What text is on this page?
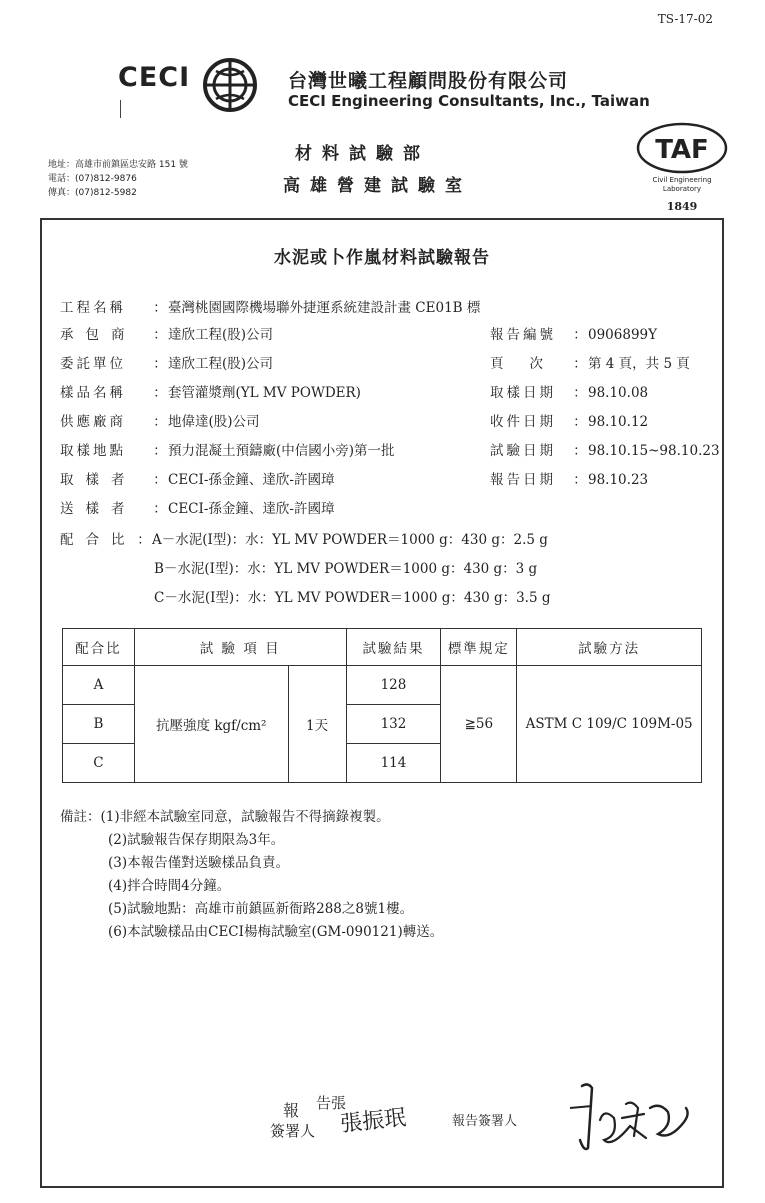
TS-17-02
CECI	台灣世曦工程顧問股份有限公司
CECI Engineering Consultants, Inc., Taiwan
地址：高雄市前鎮區忠安路 151 號
電話：(07)812-9876
傳真：(07)812-5982
材料試驗部
高雄營建試驗室
TAF
Civil Engineering
Laboratory
1849
水泥或卜作嵐材料試驗報告
工程名稱 ：臺灣桃園國際機場聯外捷運系統建設計畫 CE01B 標
承包商 ：達欣工程(股)公司
委託單位 ：達欣工程(股)公司
樣品名稱 ：套管灌漿劑(YL MV POWDER)
供應廠商 ：地偉達(股)公司
取樣地點 ：預力混凝土預鑄廠(中信國小旁)第一批
取樣者 ：CECI-孫金鐘、達欣-許國璋
送樣者 ：CECI-孫金鐘、達欣-許國璋
報告編號 ：0906899Y
頁次 ：第 4 頁，共 5 頁
取樣日期 ：98.10.08
收件日期 ：98.10.12
試驗日期 ：98.10.15~98.10.23
報告日期 ：98.10.23
配合比：A－水泥(Ⅰ型)：水：YL MV POWDER＝1000 g：430 g：2.5 g
B－水泥(Ⅰ型)：水：YL MV POWDER＝1000 g：430 g：3 g
C－水泥(Ⅰ型)：水：YL MV POWDER＝1000 g：430 g：3.5 g
配合比	試 驗 項 目		試驗結果	標準規定	試驗方法
A	抗壓強度 kgf/cm²	1天	128	≧56	ASTM C 109/C 109M-05
B			132		
C			114		
備註：(1)非經本試驗室同意，試驗報告不得摘錄複製。
(2)試驗報告保存期限為3年。
(3)本報告僅對送驗樣品負責。
(4)拌合時間4分鐘。
(5)試驗地點：高雄市前鎮區新衙路288之8號1樓。
(6)本試驗樣品由CECI楊梅試驗室(GM-090121)轉送。
報
簽署人
告張
張振珉	報告簽署人
